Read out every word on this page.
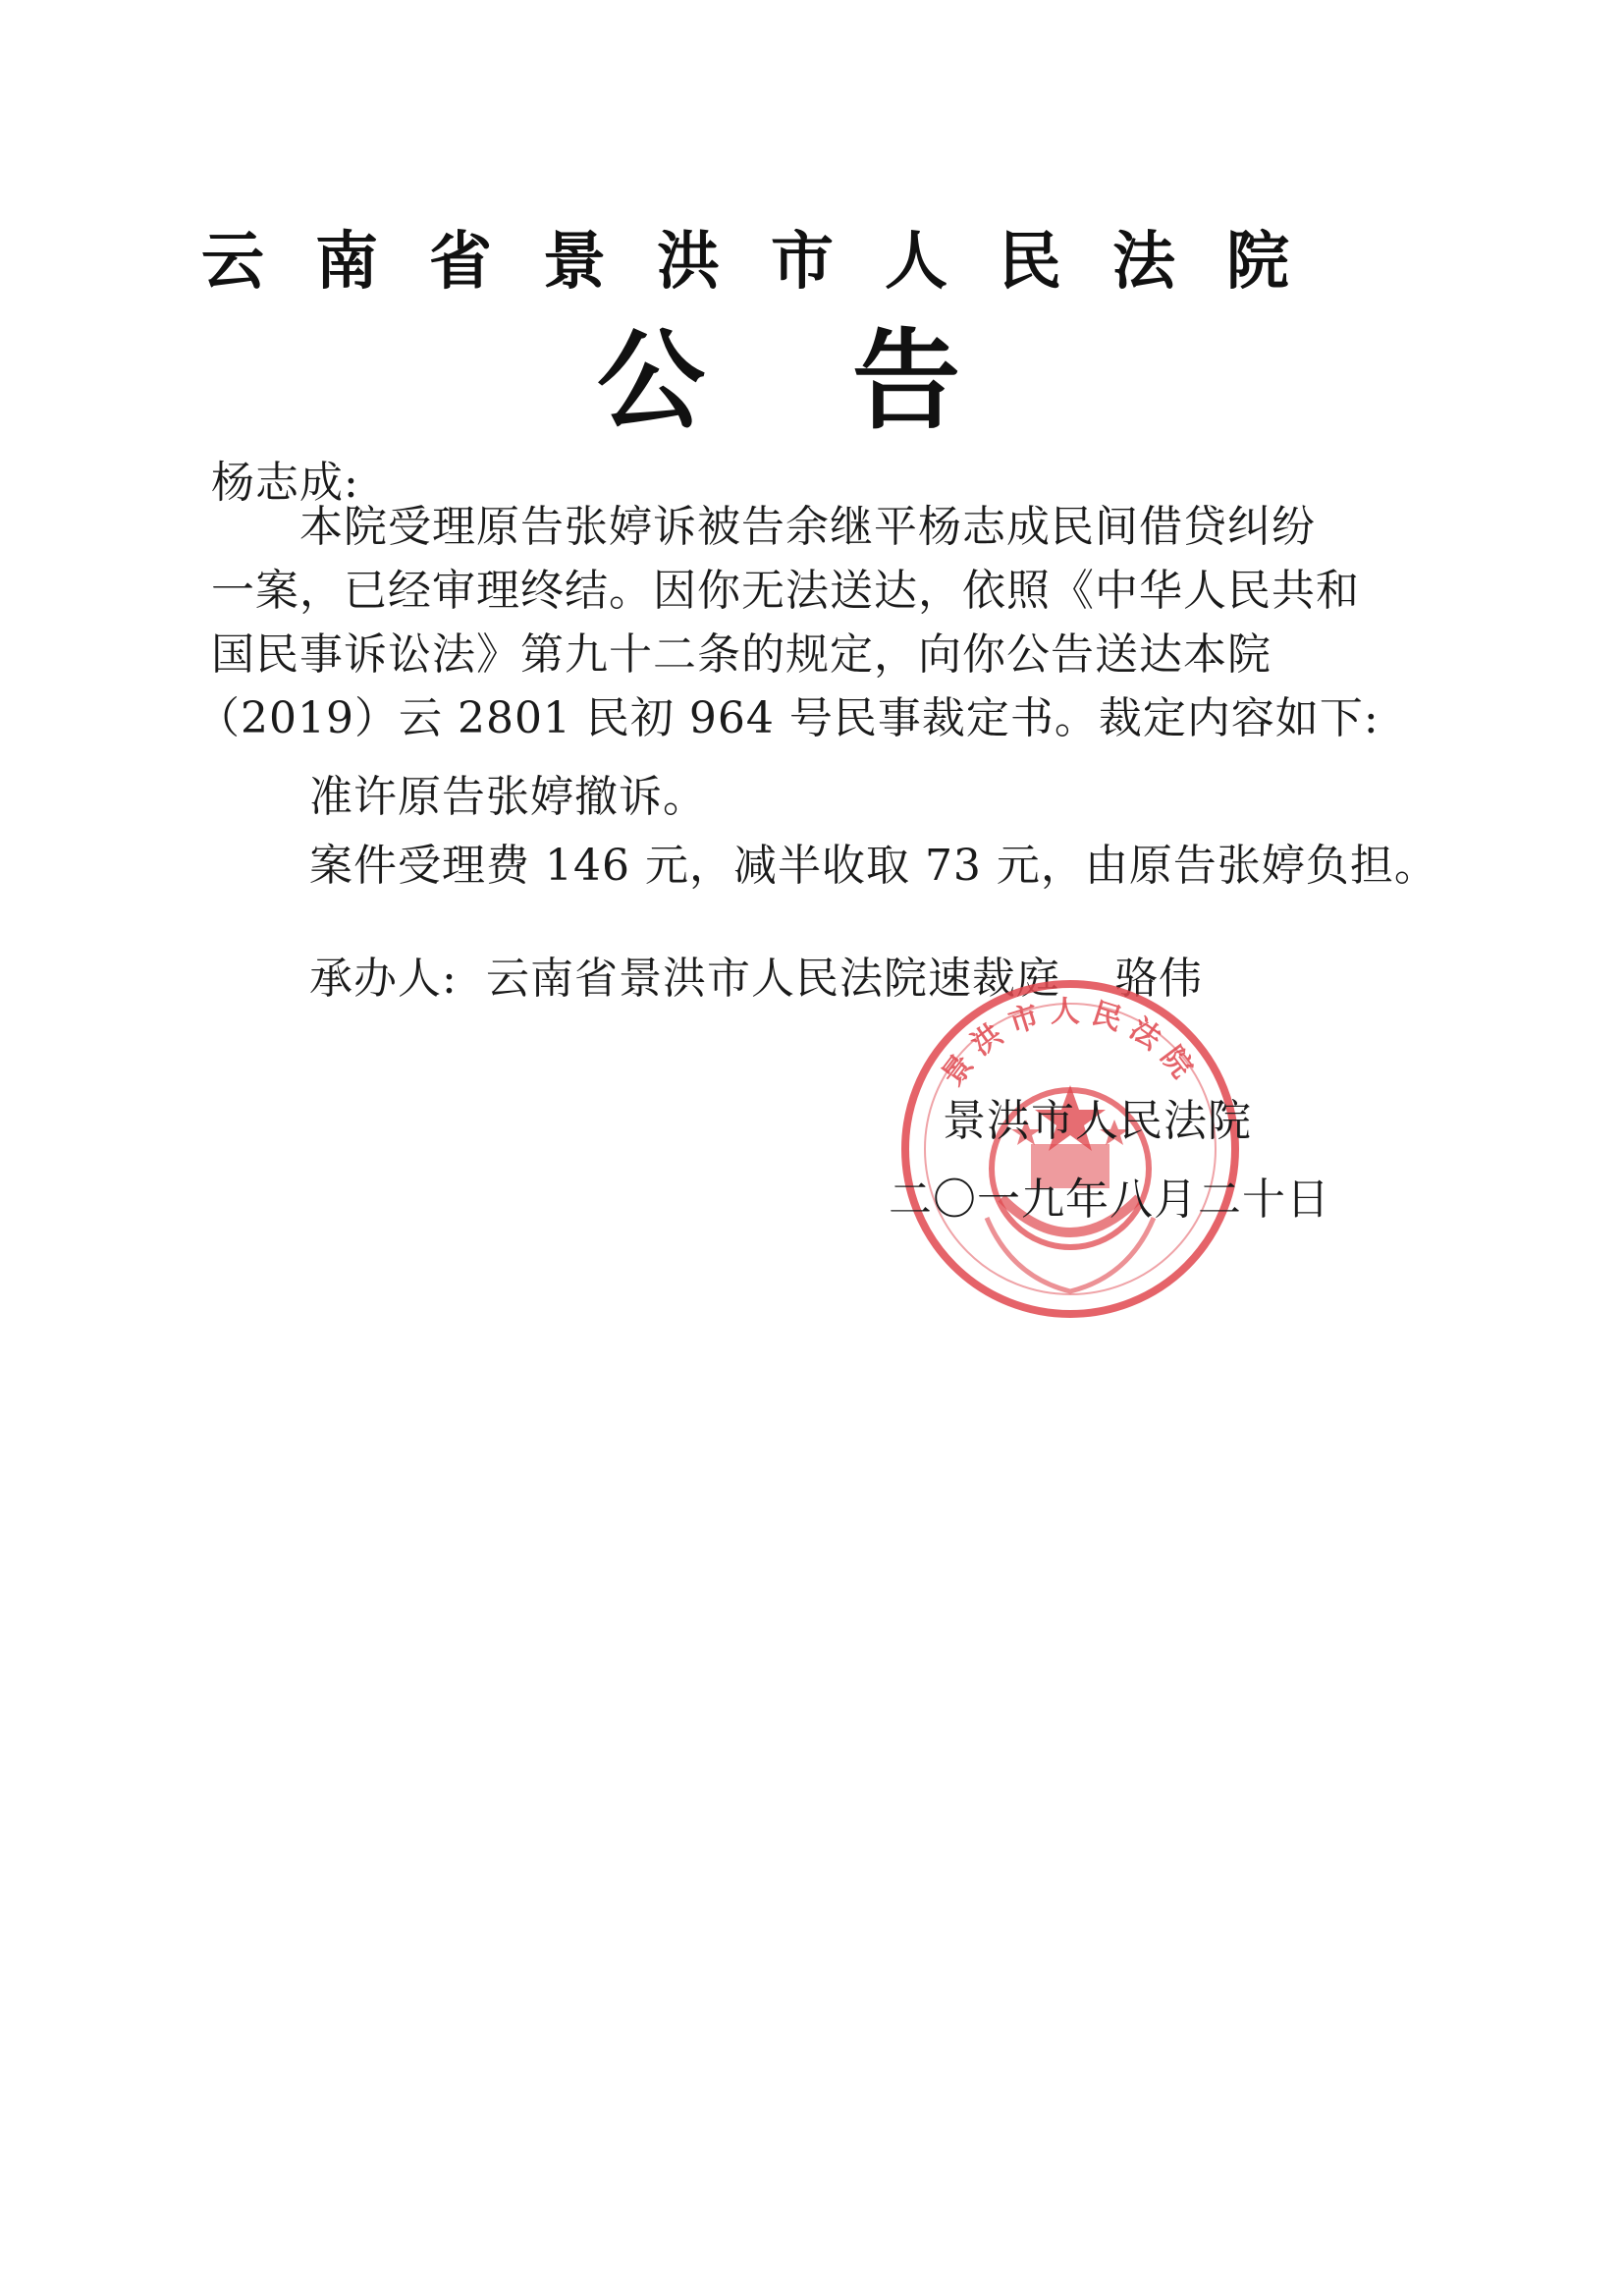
云南省景洪市人民法院
公告
杨志成:
本院受理原告张婷诉被告余继平杨志成民间借贷纠纷
一案，已经审理终结。因你无法送达，依照《中华人民共和
国民事诉讼法》第九十二条的规定，向你公告送达本院
（2019）云 2801 民初 964 号民事裁定书。裁定内容如下:
准许原告张婷撤诉。
案件受理费 146 元，减半收取 73 元，由原告张婷负担。
承办人: 云南省景洪市人民法院速裁庭 骆伟
景洪市人民法院
景洪市人民法院
二〇一九年八月二十日
